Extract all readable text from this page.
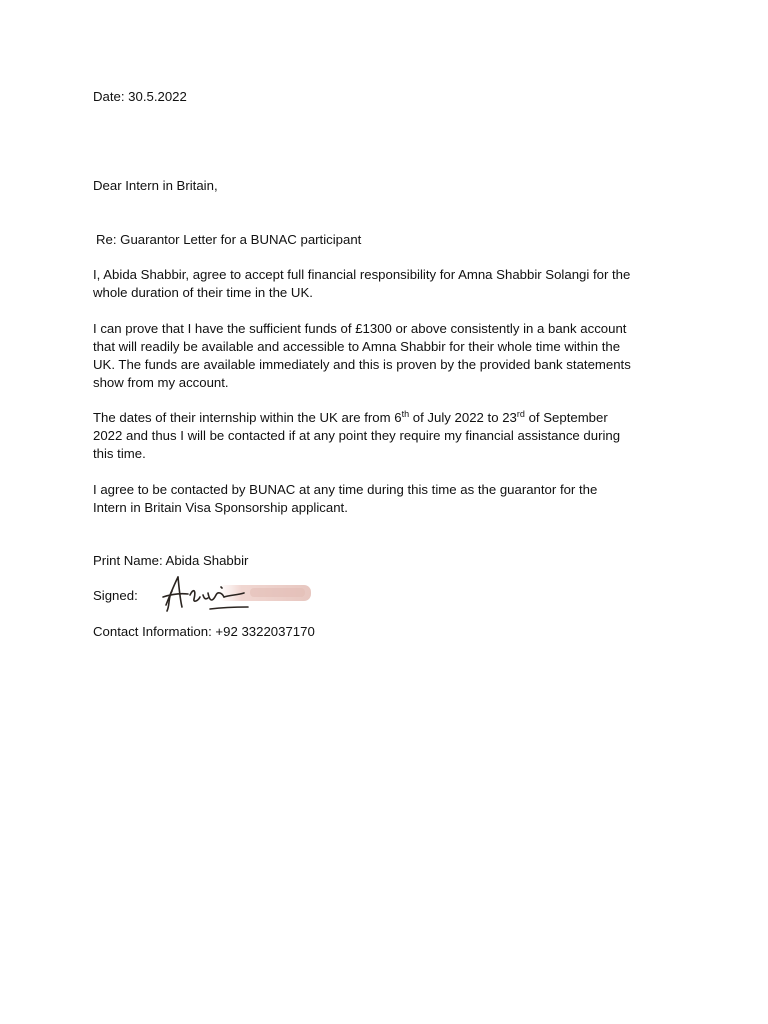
Date: 30.5.2022
Dear Intern in Britain,
Re: Guarantor Letter for a BUNAC participant
I, Abida Shabbir, agree to accept full financial responsibility for Amna Shabbir Solangi for the
whole duration of their time in the UK.
I can prove that I have the sufficient funds of £1300 or above consistently in a bank account
that will readily be available and accessible to Amna Shabbir for their whole time within the
UK. The funds are available immediately and this is proven by the provided bank statements
show from my account.
The dates of their internship within the UK are from 6th of July 2022 to 23rd of September
2022 and thus I will be contacted if at any point they require my financial assistance during
this time.
I agree to be contacted by BUNAC at any time during this time as the guarantor for the
Intern in Britain Visa Sponsorship applicant.
Print Name: Abida Shabbir
Signed:
Contact Information: +92 3322037170
